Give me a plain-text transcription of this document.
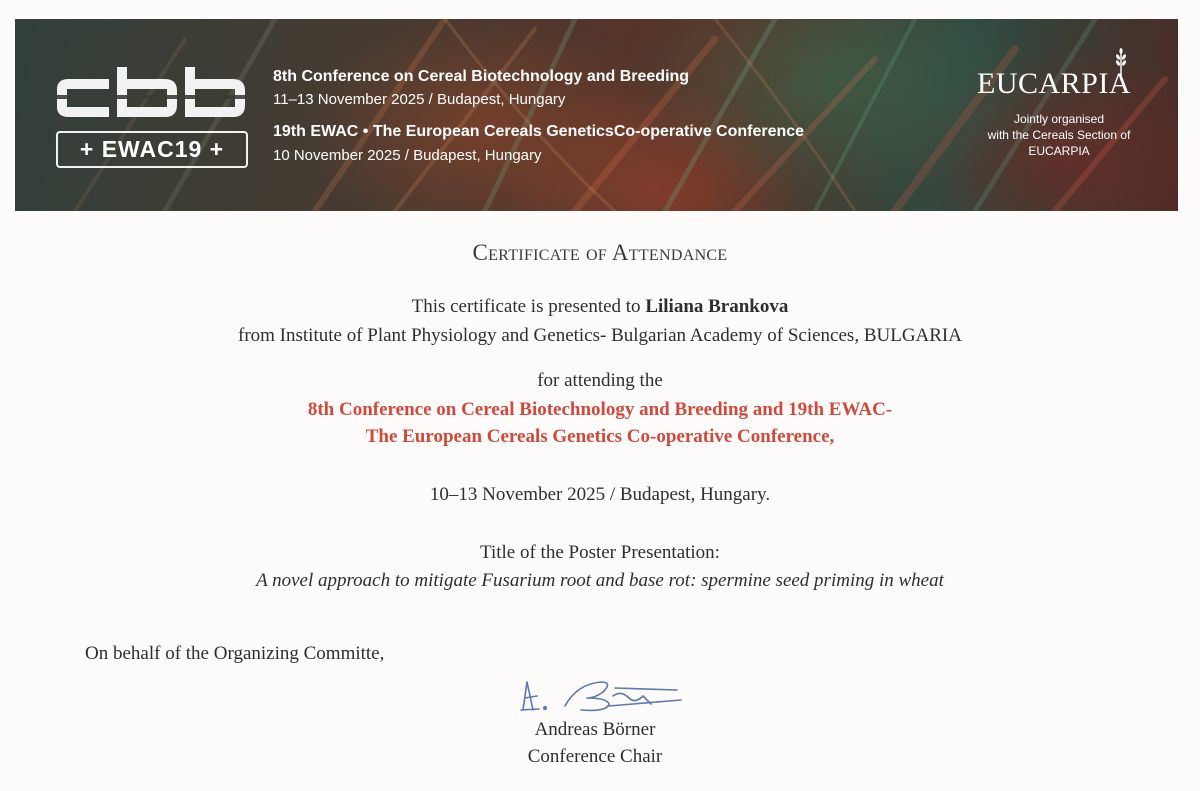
+ EWAC19 +
8th Conference on Cereal Biotechnology and Breeding
11–13 November 2025 / Budapest, Hungary
19th EWAC • The European Cereals GeneticsCo-operative Conference
10 November 2025 / Budapest, Hungary
EUCARPIA
Jointly organised
with the Cereals Section of
EUCARPIA
Certificate of Attendance
This certificate is presented to Liliana Brankova
from Institute of Plant Physiology and Genetics- Bulgarian Academy of Sciences, BULGARIA
for attending the
8th Conference on Cereal Biotechnology and Breeding and 19th EWAC-
The European Cereals Genetics Co-operative Conference,
10–13 November 2025 / Budapest, Hungary.
Title of the Poster Presentation:
A novel approach to mitigate Fusarium root and base rot: spermine seed priming in wheat
On behalf of the Organizing Committe,
Andreas Börner
Conference Chair
